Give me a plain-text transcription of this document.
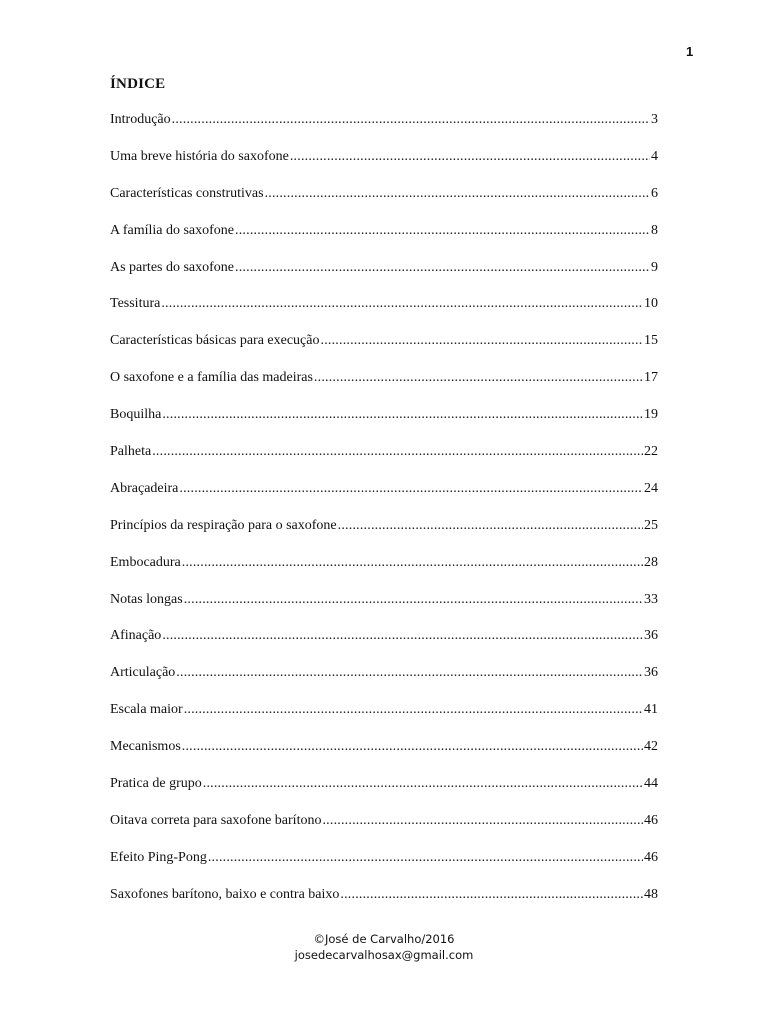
1
ÍNDICE
Introdução .....	3
Uma breve história do saxofone .....	4
Características construtivas .....	6
A família do saxofone .....	8
As partes do saxofone .....	9
Tessitura .....	10
Características básicas para execução .....	15
O saxofone e a família das madeiras .....	17
Boquilha .....	19
Palheta .....	22
Abraçadeira .....	24
Princípios da respiração para o saxofone .....	25
Embocadura .....	28
Notas longas .....	33
Afinação .....	36
Articulação .....	36
Escala maior .....	41
Mecanismos .....	42
Pratica de grupo .....	44
Oitava correta para saxofone barítono .....	46
Efeito Ping-Pong .....	46
Saxofones barítono, baixo e contra baixo .....	48
©José de Carvalho/2016
josedecarvalhosax@gmail.com
